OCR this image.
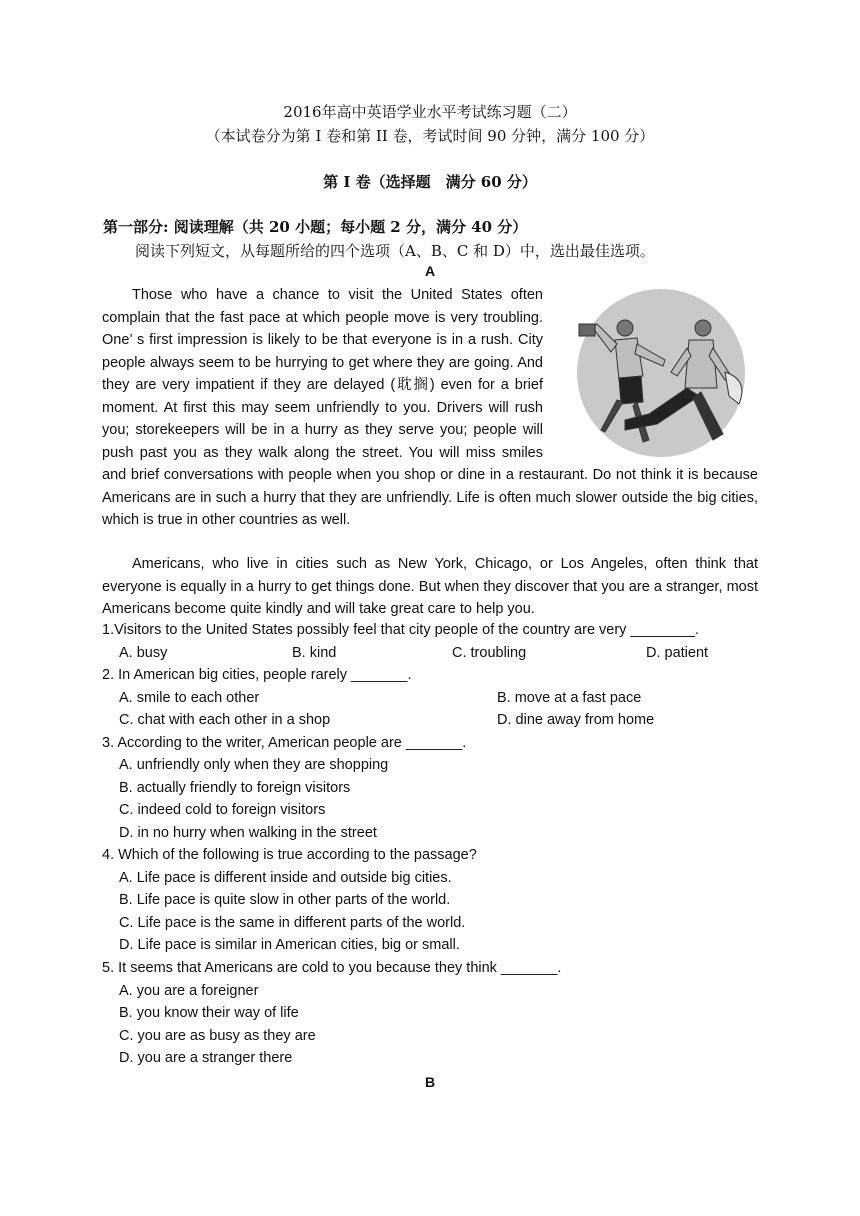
2016年高中英语学业水平考试练习题（二）
（本试卷分为第 I 卷和第 II 卷，考试时间 90 分钟，满分 100 分）
第 I 卷（选择题　满分 60 分）
第一部分: 阅读理解（共 20 小题；每小题 2 分，满分 40 分）
阅读下列短文，从每题所给的四个选项（A、B、C 和 D）中，选出最佳选项。
A

Those who have a chance to visit the United States often complain that the fast pace at which people move is very troubling. One’ s first impression is likely to be that everyone is in a rush. City people always seem to be hurrying to get where they are going. And they are very impatient if they are delayed (耽搁) even for a brief moment. At first this may seem unfriendly to you. Drivers will rush you; storekeepers will be in a hurry as they serve you; people will push past you as they walk along the street. You will miss smiles and brief conversations with people when you shop or dine in a restaurant. Do not think it is because Americans are in such a hurry that they are unfriendly. Life is often much slower outside the big cities, which is true in other countries as well.

Americans, who live in cities such as New York, Chicago, or Los Angeles, often think that everyone is equally in a hurry to get things done. But when they discover that you are a stranger, most Americans become quite kindly and will take great care to help you.

1.Visitors to the United States possibly feel that city people of the country are very ________.
A. busy	B. kind	C. troubling	D. patient
2. In American big cities, people rarely _______.
A. smile to each other	B. move at a fast pace
C. chat with each other in a shop	D. dine away from home
3. According to the writer, American people are _______.
A. unfriendly only when they are shopping
B. actually friendly to foreign visitors
C. indeed cold to foreign visitors
D. in no hurry when walking in the street
4. Which of the following is true according to the passage?
A. Life pace is different inside and outside big cities.
B. Life pace is quite slow in other parts of the world.
C. Life pace is the same in different parts of the world.
D. Life pace is similar in American cities, big or small.
5. It seems that Americans are cold to you because they think _______.
A. you are a foreigner
B. you know their way of life
C. you are as busy as they are
D. you are a stranger there
B
